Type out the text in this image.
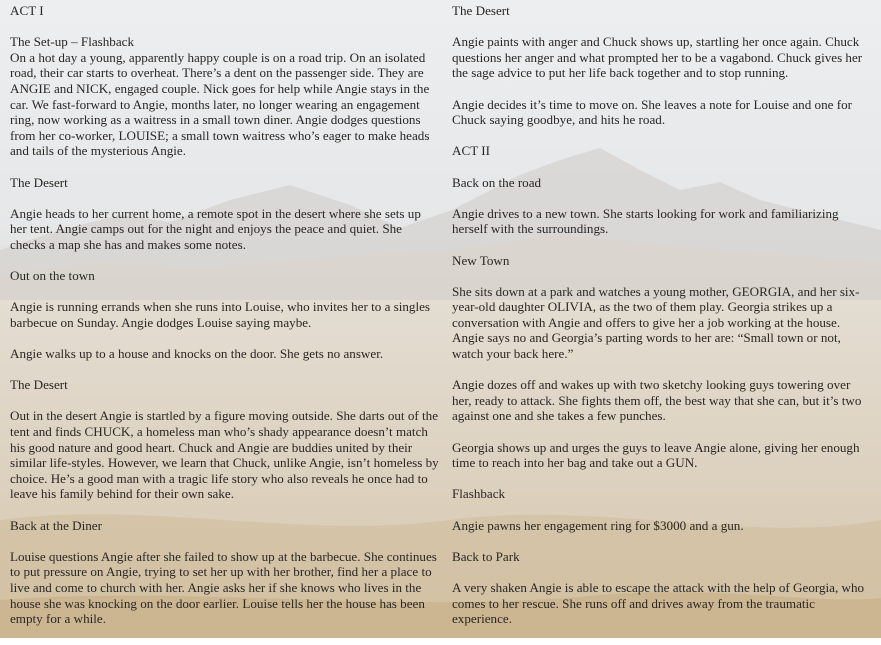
ACT I

The Set-up – Flashback

On a hot day a young, apparently happy couple is on a road trip. On an isolated road, their car starts to overheat. There’s a dent on the passenger side. They are ANGIE and NICK, engaged couple. Nick goes for help while Angie stays in the car. We fast-forward to Angie, months later, no longer wearing an engagement ring, now working as a waitress in a small town diner. Angie dodges questions from her co-worker, LOUISE; a small town waitress who’s eager to make heads and tails of the mysterious Angie.

The Desert

Angie heads to her current home, a remote spot in the desert where she sets up her tent. Angie camps out for the night and enjoys the peace and quiet. She checks a map she has and makes some notes.

Out on the town

Angie is running errands when she runs into Louise, who invites her to a singles barbecue on Sunday. Angie dodges Louise saying maybe.

Angie walks up to a house and knocks on the door. She gets no answer.

The Desert

Out in the desert Angie is startled by a figure moving outside. She darts out of the tent and finds CHUCK, a homeless man who’s shady appearance doesn’t match his good nature and good heart. Chuck and Angie are buddies united by their similar life-styles. However, we learn that Chuck, unlike Angie, isn’t homeless by choice. He’s a good man with a tragic life story who also reveals he once had to leave his family behind for their own sake.

Back at the Diner

Louise questions Angie after she failed to show up at the barbecue. She continues to put pressure on Angie, trying to set her up with her brother, find her a place to live and come to church with her. Angie asks her if she knows who lives in the house she was knocking on the door earlier. Louise tells her the house has been empty for a while.

The Desert

Angie paints with anger and Chuck shows up, startling her once again. Chuck questions her anger and what prompted her to be a vagabond. Chuck gives her the sage advice to put her life back together and to stop running.

Angie decides it’s time to move on. She leaves a note for Louise and one for Chuck saying goodbye, and hits he road.

ACT II

Back on the road

Angie drives to a new town. She starts looking for work and familiarizing herself with the surroundings.

New Town

She sits down at a park and watches a young mother, GEORGIA, and her six-year-old daughter OLIVIA, as the two of them play. Georgia strikes up a conversation with Angie and offers to give her a job working at the house. Angie says no and Georgia’s parting words to her are: “Small town or not, watch your back here.”

Angie dozes off and wakes up with two sketchy looking guys towering over her, ready to attack. She fights them off, the best way that she can, but it’s two against one and she takes a few punches.

Georgia shows up and urges the guys to leave Angie alone, giving her enough time to reach into her bag and take out a GUN.

Flashback

Angie pawns her engagement ring for $3000 and a gun.

Back to Park

A very shaken Angie is able to escape the attack with the help of Georgia, who comes to her rescue. She runs off and drives away from the traumatic experience.
